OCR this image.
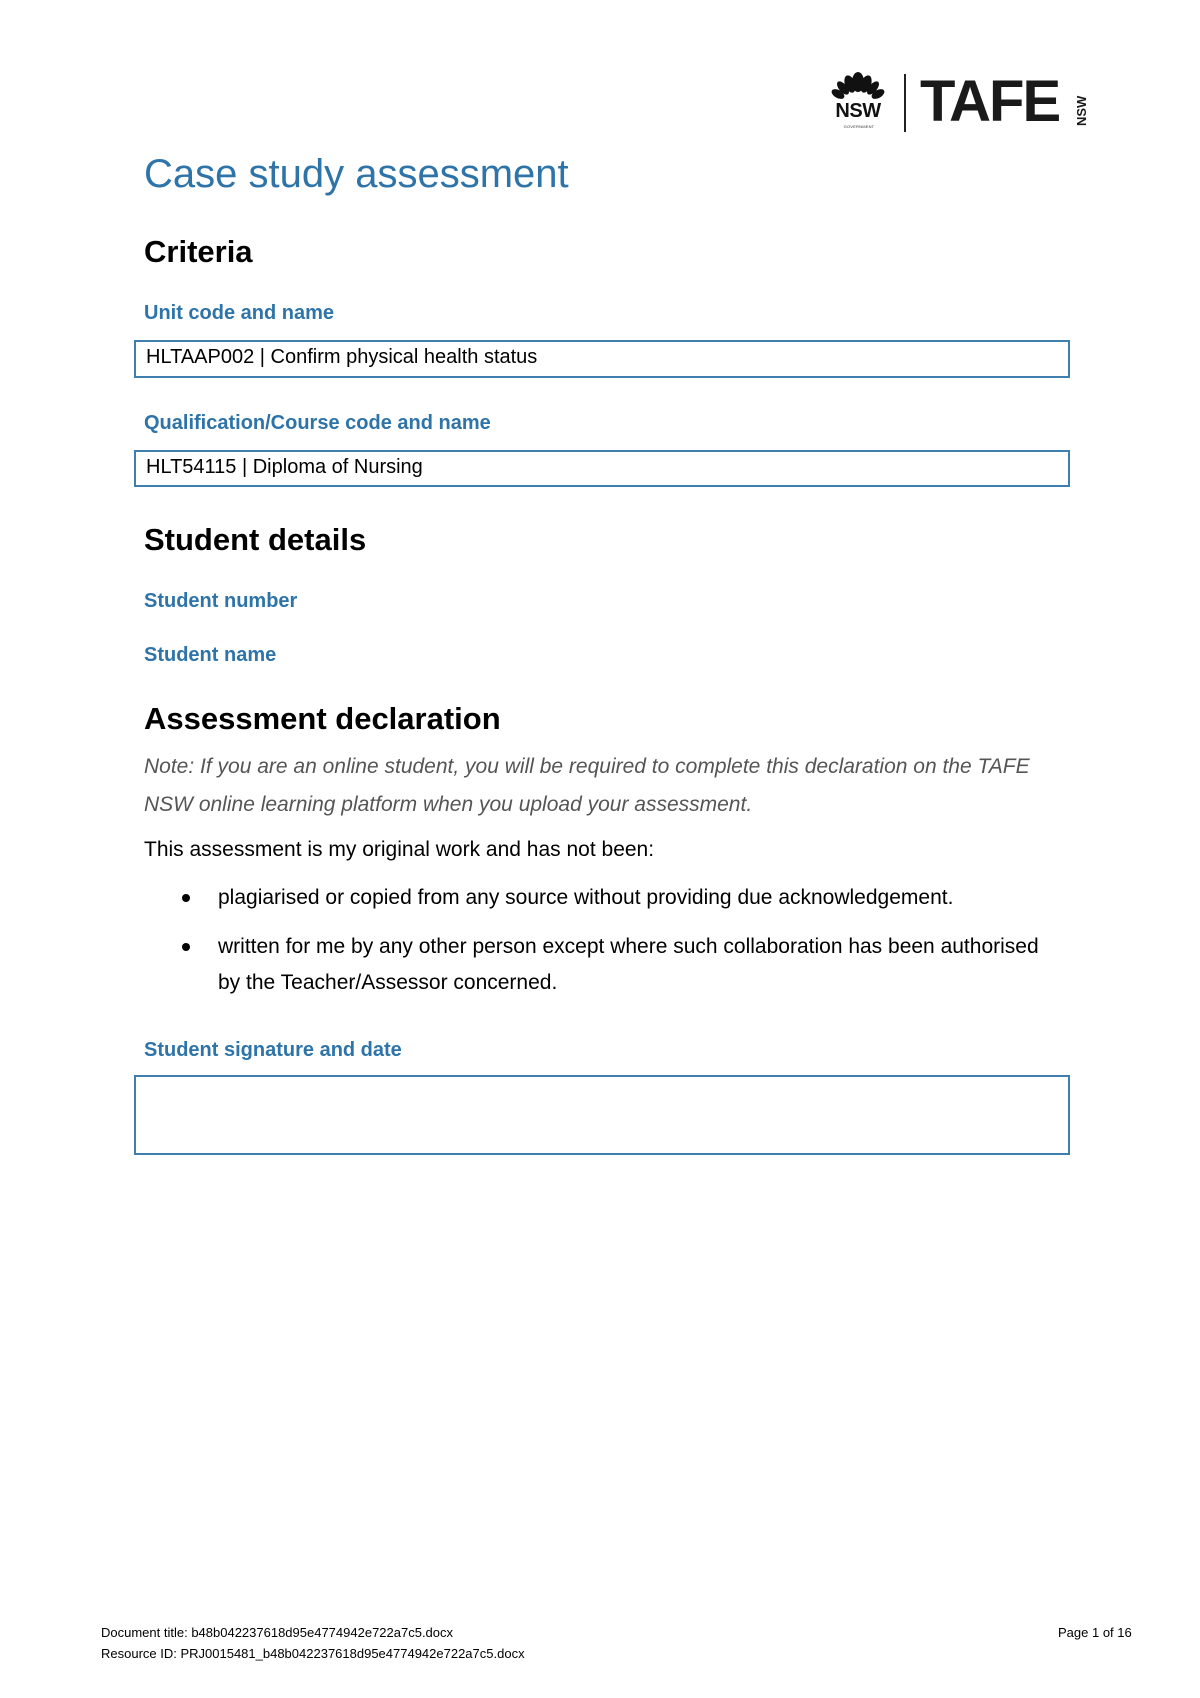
NSW
GOVERNMENT TAFE NSW
Case study assessment
Criteria
Unit code and name
HLTAAP002 | Confirm physical health status
Qualification/Course code and name
HLT54115 | Diploma of Nursing
Student details
Student number
Student name
Assessment declaration

Note: If you are an online student, you will be required to complete this declaration on the TAFE NSW online learning platform when you upload your assessment.

This assessment is my original work and has not been:

plagiarised or copied from any source without providing due acknowledgement.
written for me by any other person except where such collaboration has been authorised by the Teacher/Assessor concerned.
Student signature and date
Document title: b48b042237618d95e4774942e722a7c5.docx
Resource ID: PRJ0015481_b48b042237618d95e4774942e722a7c5.docx
Page 1 of 16
